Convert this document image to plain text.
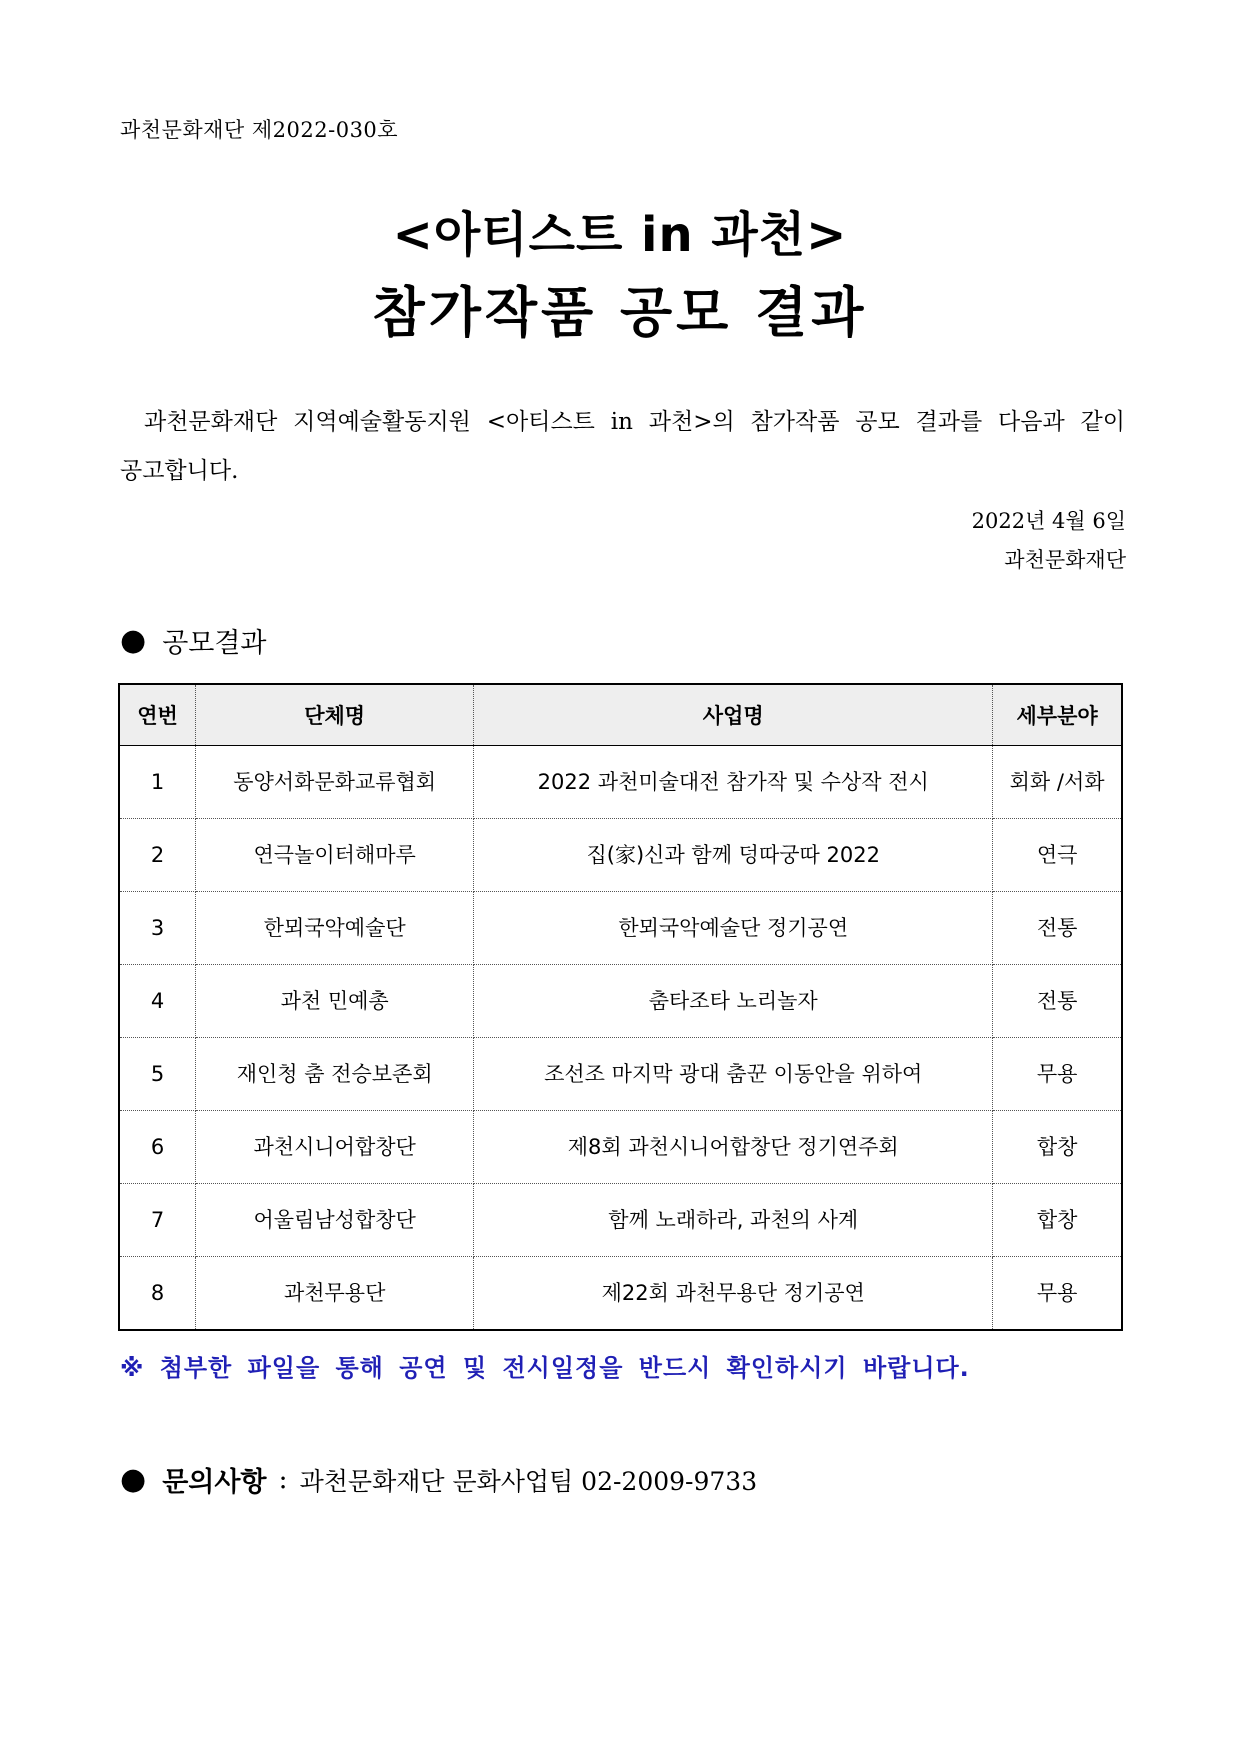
과천문화재단 제2022-030호
<아티스트 in 과천>
참가작품 공모 결과

과천문화재단 지역예술활동지원 <아티스트 in 과천>의 참가작품 공모 결과를 다음과 같이 공고합니다.

2022년 4월 6일
과천문화재단
● 공모결과
연번	단체명	사업명	세부분야
1	동양서화문화교류협회	2022 과천미술대전 참가작 및 수상작 전시	회화 /서화
2	연극놀이터해마루	집(家)신과 함께 덩따궁따 2022	연극
3	한뫼국악예술단	한뫼국악예술단 정기공연	전통
4	과천 민예총	춤타조타 노리놀자	전통
5	재인청 춤 전승보존회	조선조 마지막 광대 춤꾼 이동안을 위하여	무용
6	과천시니어합창단	제8회 과천시니어합창단 정기연주회	합창
7	어울림남성합창단	함께 노래하라, 과천의 사계	합창
8	과천무용단	제22회 과천무용단 정기공연	무용
※ 첨부한 파일을 통해 공연 및 전시일정을 반드시 확인하시기 바랍니다.
● 문의사항 : 과천문화재단 문화사업팀 02-2009-9733
